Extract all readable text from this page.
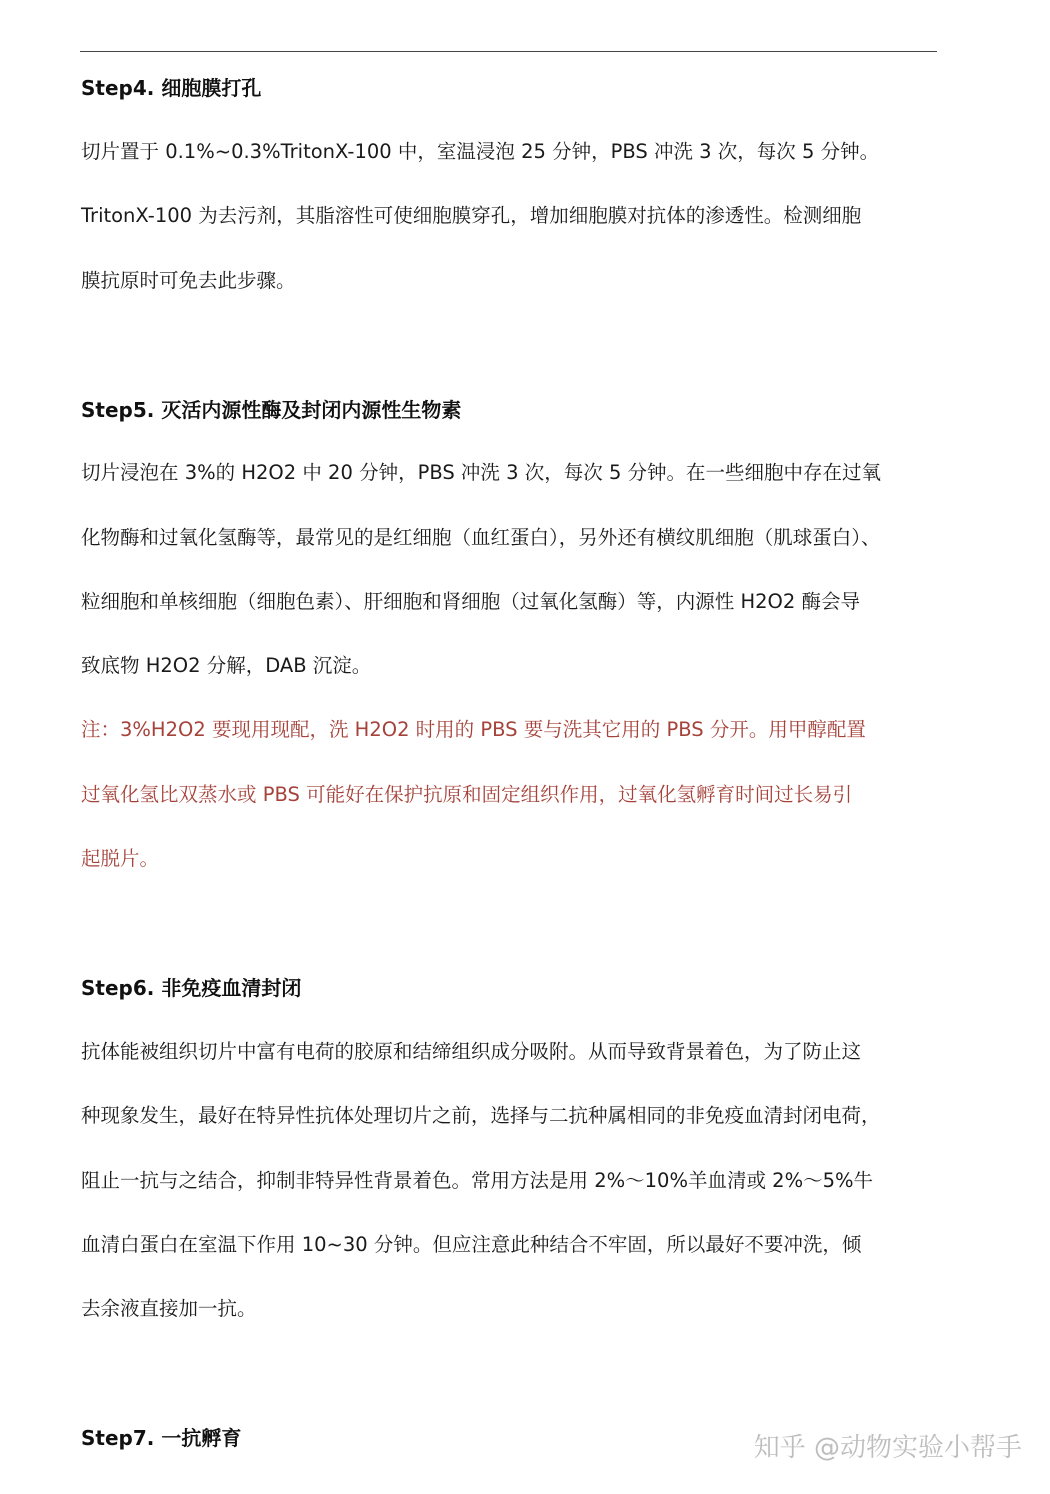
Step4. 细胞膜打孔
切片置于 0.1%~0.3%TritonX-100 中，室温浸泡 25 分钟，PBS 冲洗 3 次，每次 5 分钟。
TritonX-100 为去污剂，其脂溶性可使细胞膜穿孔，增加细胞膜对抗体的渗透性。检测细胞
膜抗原时可免去此步骤。
Step5. 灭活内源性酶及封闭内源性生物素
切片浸泡在 3%的 H2O2 中 20 分钟，PBS 冲洗 3 次，每次 5 分钟。在一些细胞中存在过氧
化物酶和过氧化氢酶等，最常见的是红细胞（血红蛋白），另外还有横纹肌细胞（肌球蛋白）、
粒细胞和单核细胞（细胞色素）、肝细胞和肾细胞（过氧化氢酶）等，内源性 H2O2 酶会导
致底物 H2O2 分解，DAB 沉淀。
注：3%H2O2 要现用现配，洗 H2O2 时用的 PBS 要与洗其它用的 PBS 分开。用甲醇配置
过氧化氢比双蒸水或 PBS 可能好在保护抗原和固定组织作用，过氧化氢孵育时间过长易引
起脱片。
Step6. 非免疫血清封闭
抗体能被组织切片中富有电荷的胶原和结缔组织成分吸附。从而导致背景着色，为了防止这
种现象发生，最好在特异性抗体处理切片之前，选择与二抗种属相同的非免疫血清封闭电荷，
阻止一抗与之结合，抑制非特异性背景着色。常用方法是用 2%～10%羊血清或 2%～5%牛
血清白蛋白在室温下作用 10~30 分钟。但应注意此种结合不牢固，所以最好不要冲洗，倾
去余液直接加一抗。
Step7. 一抗孵育	知乎 @动物实验小帮手
